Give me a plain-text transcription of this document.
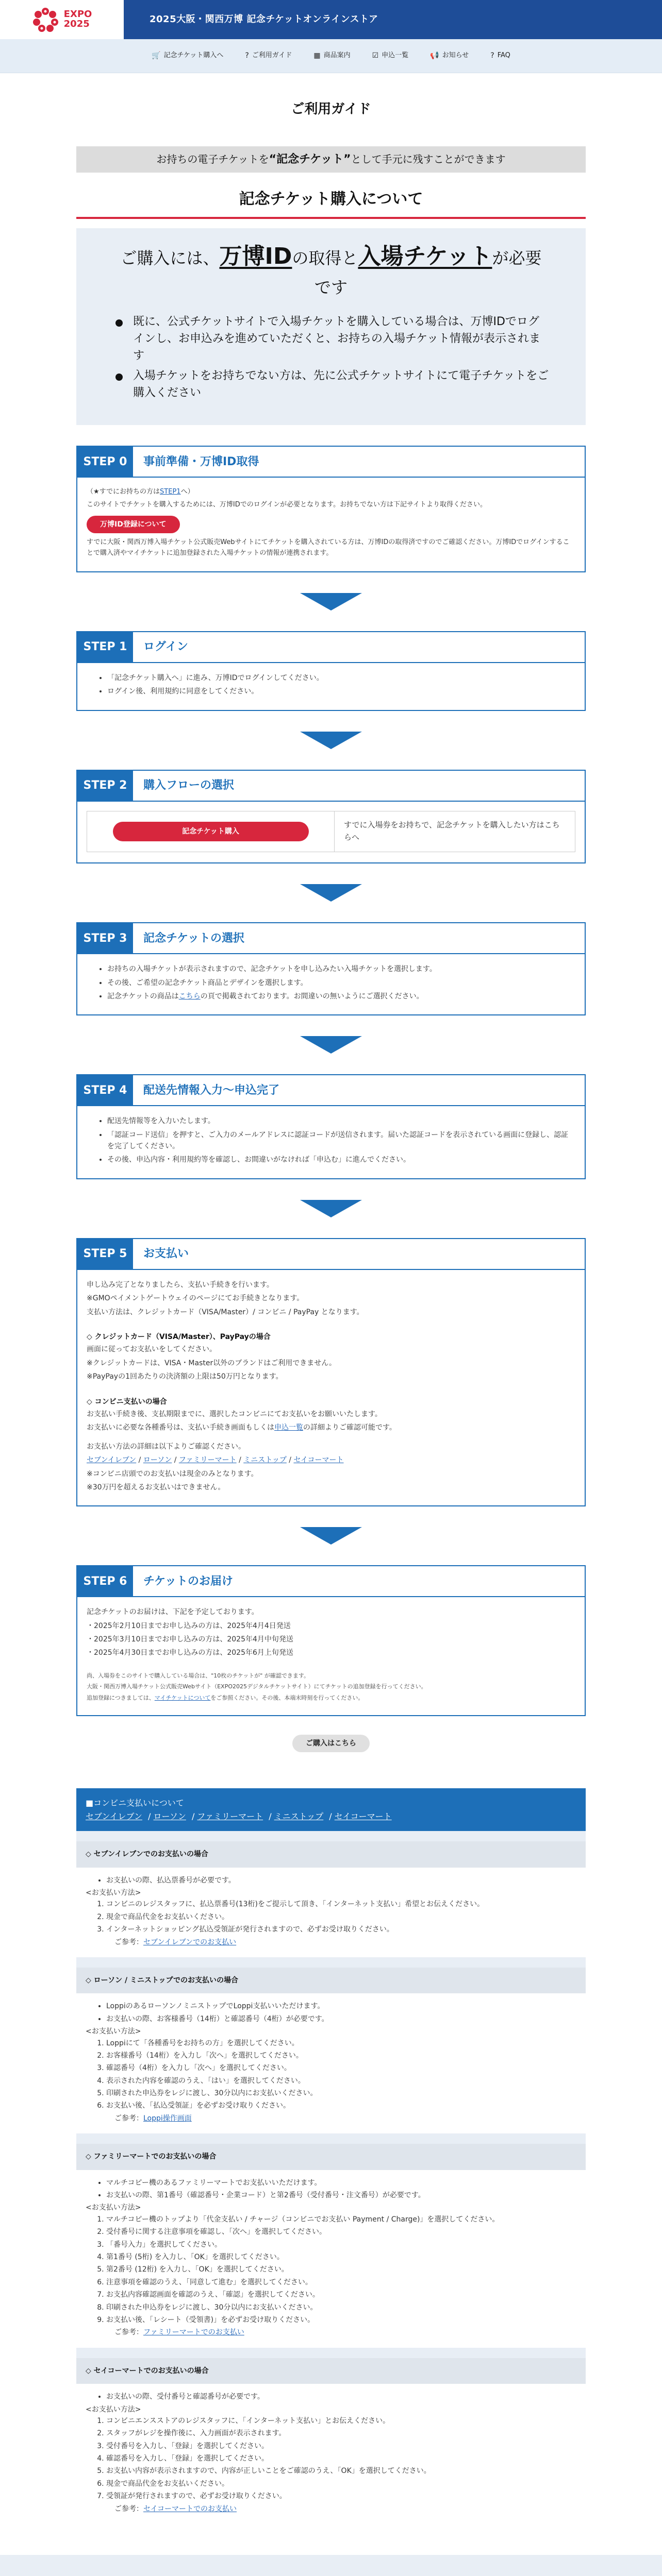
EXPO
2025	2025大阪・関西万博 記念チケットオンラインストア
🛒 記念チケット購入へ	? ご利用ガイド	▦ 商品案内	☑ 申込一覧	📢 お知らせ	? FAQ
ご利用ガイド
お持ちの電子チケットを“記念チケット”として手元に残すことができます
記念チケット購入について
ご購入には、万博IDの取得と入場チケットが必要です
既に、公式チケットサイトで入場チケットを購入している場合は、万博IDでログインし、お申込みを進めていただくと、お持ちの入場チケット情報が表示されます
入場チケットをお持ちでない方は、先に公式チケットサイトにて電子チケットをご購入ください
STEP 0	事前準備・万博ID取得

（★すでにお持ちの方はSTEP1へ）

このサイトでチケットを購入するためには、万博IDでのログインが必要となります。お持ちでない方は下記サイトより取得ください。

万博ID登録について

すでに大阪・関西万博入場チケット公式販売Webサイトにてチケットを購入されている方は、万博IDの取得済ですのでご確認ください。万博IDでログインすることで購入済やマイチケットに追加登録された入場チケットの情報が連携されます。

STEP 1	ログイン
• 「記念チケット購入へ」に進み、万博IDでログインしてください。
• ログイン後、利用規約に同意をしてください。
STEP 2	購入フローの選択
記念チケット購入
すでに入場券をお持ちで、記念チケットを購入したい方はこちらへ
STEP 3	記念チケットの選択
• お持ちの入場チケットが表示されますので、記念チケットを申し込みたい入場チケットを選択します。
• その後、ご希望の記念チケット商品とデザインを選択します。
• 記念チケットの商品はこちらの頁で掲載されております。お間違いの無いようにご選択ください。
STEP 4	配送先情報入力～申込完了
• 配送先情報等を入力いたします。
• 「認証コード送信」を押すと、ご入力のメールアドレスに認証コードが送信されます。届いた認証コードを表示されている画面に登録し、認証を完了してください。
• その後、申込内容・利用規約等を確認し、お間違いがなければ「申込む」に進んでください。
STEP 5	お支払い

申し込み完了となりましたら、支払い手続きを行います。

※GMOペイメントゲートウェイのページにてお手続きとなります。

支払い方法は、クレジットカード（VISA/Master）/ コンビニ / PayPay となります。

◇ クレジットカード（VISA/Master）、PayPayの場合

画面に従ってお支払いをしてください。

※クレジットカードは、VISA・Master以外のブランドはご利用できません。

※PayPayの1回あたりの決済額の上限は50万円となります。

◇ コンビニ支払いの場合

お支払い手続き後、支払期限までに、選択したコンビニにてお支払いをお願いいたします。

お支払いに必要な各種番号は、支払い手続き画面もしくは申込一覧の詳細よりご確認可能です。

お支払い方法の詳細は以下よりご確認ください。

セブンイレブン / ローソン / ファミリーマート / ミニストップ / セイコーマート

※コンビニ店頭でのお支払いは現金のみとなります。

※30万円を超えるお支払いはできません。

STEP 6	チケットのお届け

記念チケットのお届けは、下記を予定しております。

・2025年2月10日までお申し込みの方は、2025年4月4日発送

・2025年3月10日までお申し込みの方は、2025年4月中旬発送

・2025年4月30日までお申し込みの方は、2025年6月上旬発送

尚、入場券をこのサイトで購入している場合は、"10枚のチケットが" が確認できます。

大阪・関西万博入場チケット公式販売Webサイト（EXPO2025デジタルチケットサイト）にてチケットの追加登録を行ってください。

追加登録につきましては、マイチケットについてをご参照ください。その後、本端末時刻を行ってください。

ご購入はこちら
■コンビニ支払いについて
セブンイレブン / ローソン / ファミリーマート / ミニストップ / セイコーマート
◇ セブンイレブンでのお支払いの場合
• お支払いの際、払込票番号が必要です。

<お支払い方法>

1. コンビニのレジスタッフに、払込票番号(13桁)をご提示して頂き、「インターネット支払い」希望とお伝えください。
2. 現金で商品代金をお支払いください。
3. インターネットショッピング払込受領証が発行されますので、必ずお受け取りください。

ご参考：セブンイレブンでのお支払い

◇ ローソン / ミニストップでのお支払いの場合
• LoppiのあるローソンノミニストップでLoppi支払いいただけます。
• お支払いの際、お客様番号（14桁）と確認番号（4桁）が必要です。

<お支払い方法>

1. Loppiにて「各種番号をお持ちの方」を選択してください。
2. お客様番号（14桁）を入力し「次へ」を選択してください。
3. 確認番号（4桁）を入力し「次へ」を選択してください。
4. 表示された内容を確認のうえ、「はい」を選択してください。
5. 印刷された申込券をレジに渡し、30分以内にお支払いください。
6. お支払い後、「払込受領証」を必ずお受け取りください。

ご参考：Loppi操作画面

◇ ファミリーマートでのお支払いの場合
• マルチコピー機のあるファミリーマートでお支払いいただけます。
• お支払いの際、第1番号（確認番号・企業コード）と第2番号（受付番号・注文番号）が必要です。

<お支払い方法>

1. マルチコピー機のトップより「代金支払い / チャージ（コンビニでお支払い Payment / Charge)」を選択してください。
2. 受付番号に関する注意事項を確認し、「次へ」を選択してください。
3. 「番号入力」を選択してください。
4. 第1番号 (5桁) を入力し、「OK」を選択してください。
5. 第2番号 (12桁) を入力し、「OK」を選択してください。
6. 注意事項を確認のうえ、「同意して進む」を選択してください。
7. お支払内容確認画面を確認のうえ、「確認」を選択してください。
8. 印刷された申込券をレジに渡し、30分以内にお支払いください。
9. お支払い後、「レシート（受領書)」を必ずお受け取りください。

ご参考：ファミリーマートでのお支払い

◇ セイコーマートでのお支払いの場合
• お支払いの際、受付番号と確認番号が必要です。

<お支払い方法>

1. コンビニエンスストアのレジスタッフに、「インターネット支払い」とお伝えください。
2. スタッフがレジを操作後に、入力画面が表示されます。
3. 受付番号を入力し、「登録」を選択してください。
4. 確認番号を入力し、「登録」を選択してください。
5. お支払い内容が表示されますので、内容が正しいことをご確認のうえ、「OK」を選択してください。
6. 現金で商品代金をお支払いください。
7. 受領証が発行されますので、必ずお受け取りください。

ご参考：セイコーマートでのお支払い
